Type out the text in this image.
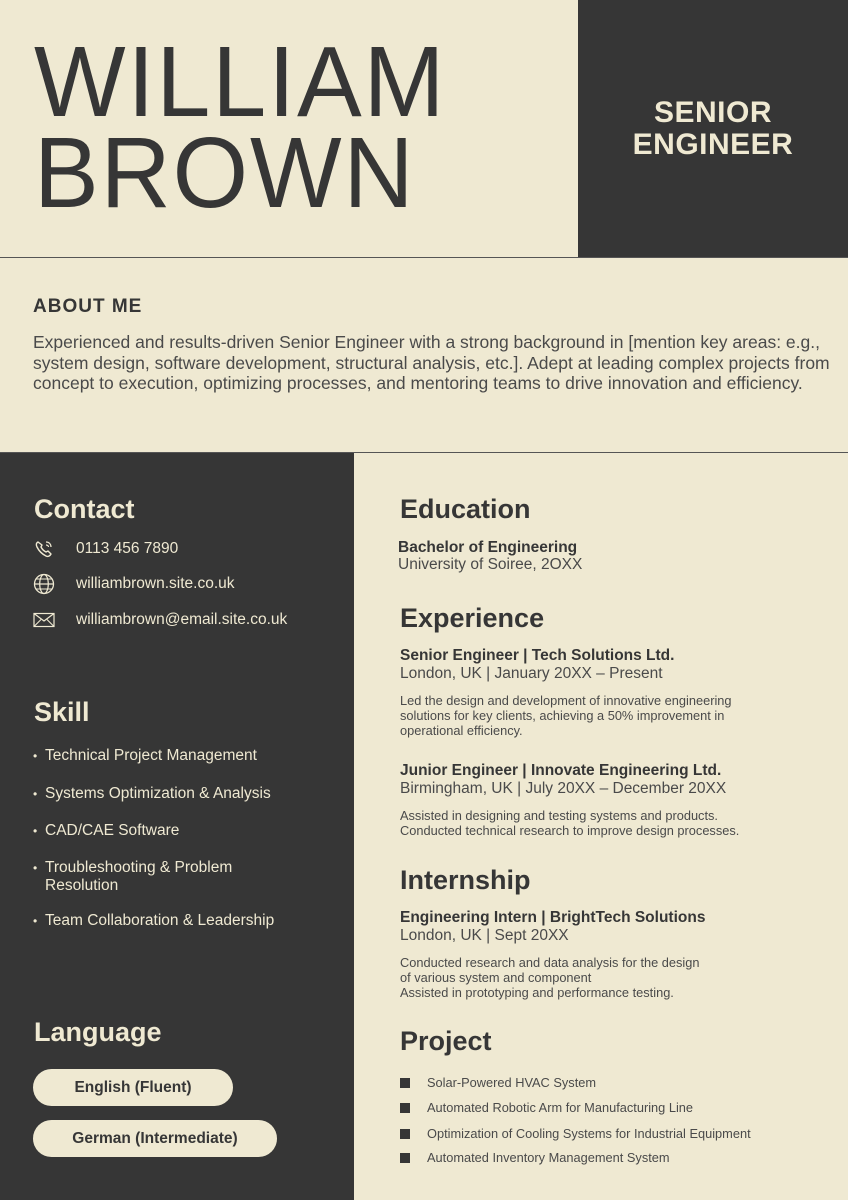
WILLIAM
BROWN
SENIOR
ENGINEER
ABOUT ME
Experienced and results-driven Senior Engineer with a strong background in [mention key areas: e.g., system design, software development, structural analysis, etc.]. Adept at leading complex projects from concept to execution, optimizing processes, and mentoring teams to drive innovation and efficiency.
Contact
0113 456 7890
williambrown.site.co.uk
williambrown@email.site.co.uk
Skill
• Technical Project Management
• Systems Optimization & Analysis
• CAD/CAE Software
• Troubleshooting & Problem Resolution
• Team Collaboration & Leadership
Language
English (Fluent)
German (Intermediate)
Education
Bachelor of Engineering
University of Soiree, 2OXX
Experience
Senior Engineer | Tech Solutions Ltd.
London, UK | January 20XX – Present
Led the design and development of innovative engineering
solutions for key clients, achieving a 50% improvement in
operational efficiency.
Junior Engineer | Innovate Engineering Ltd.
Birmingham, UK | July 20XX – December 20XX
Assisted in designing and testing systems and products.
Conducted technical research to improve design processes.
Internship
Engineering Intern | BrightTech Solutions
London, UK | Sept 20XX
Conducted research and data analysis for the design
of various system and component
Assisted in prototyping and performance testing.
Project
Solar-Powered HVAC System
Automated Robotic Arm for Manufacturing Line
Optimization of Cooling Systems for Industrial Equipment
Automated Inventory Management System
